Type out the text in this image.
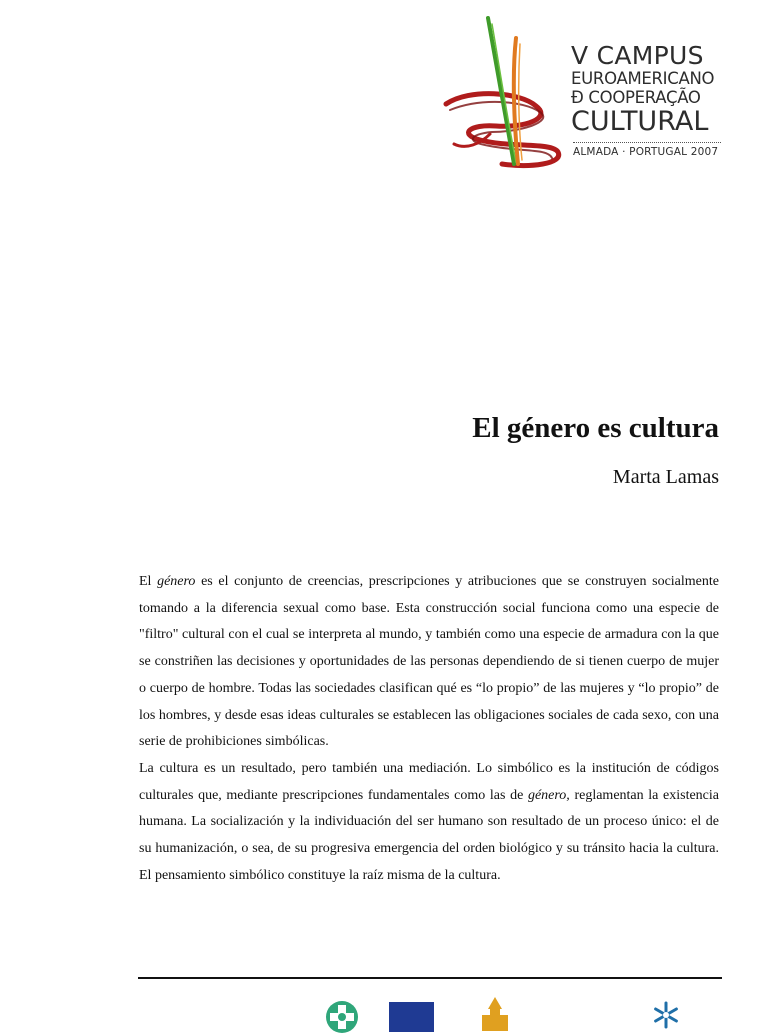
V CAMPUS
EUROAMERICANO
Ð CΟΟPERAÇÃO
CULTURAL
ALMADA · PORTUGAL 2007
El género es cultura
Marta Lamas

El género es el conjunto de creencias, prescripciones y atribuciones que se construyen socialmente tomando a la diferencia sexual como base. Esta construcción social funciona como una especie de "filtro" cultural con el cual se interpreta al mundo, y también como una especie de armadura con la que se constriñen las decisiones y oportunidades de las personas dependiendo de si tienen cuerpo de mujer o cuerpo de hombre. Todas las sociedades clasifican qué es “lo propio” de las mujeres y “lo propio” de los hombres, y desde esas ideas culturales se establecen las obligaciones sociales de cada sexo, con una serie de prohibiciones simbólicas.

La cultura es un resultado, pero también una mediación. Lo simbólico es la institución de códigos culturales que, mediante prescripciones fundamentales como las de género, reglamentan la existencia humana. La socialización y la individuación del ser humano son resultado de un proceso único: el de su humanización, o sea, de su progresiva emergencia del orden biológico y su tránsito hacia la cultura. El pensamiento simbólico constituye la raíz misma de la cultura.
